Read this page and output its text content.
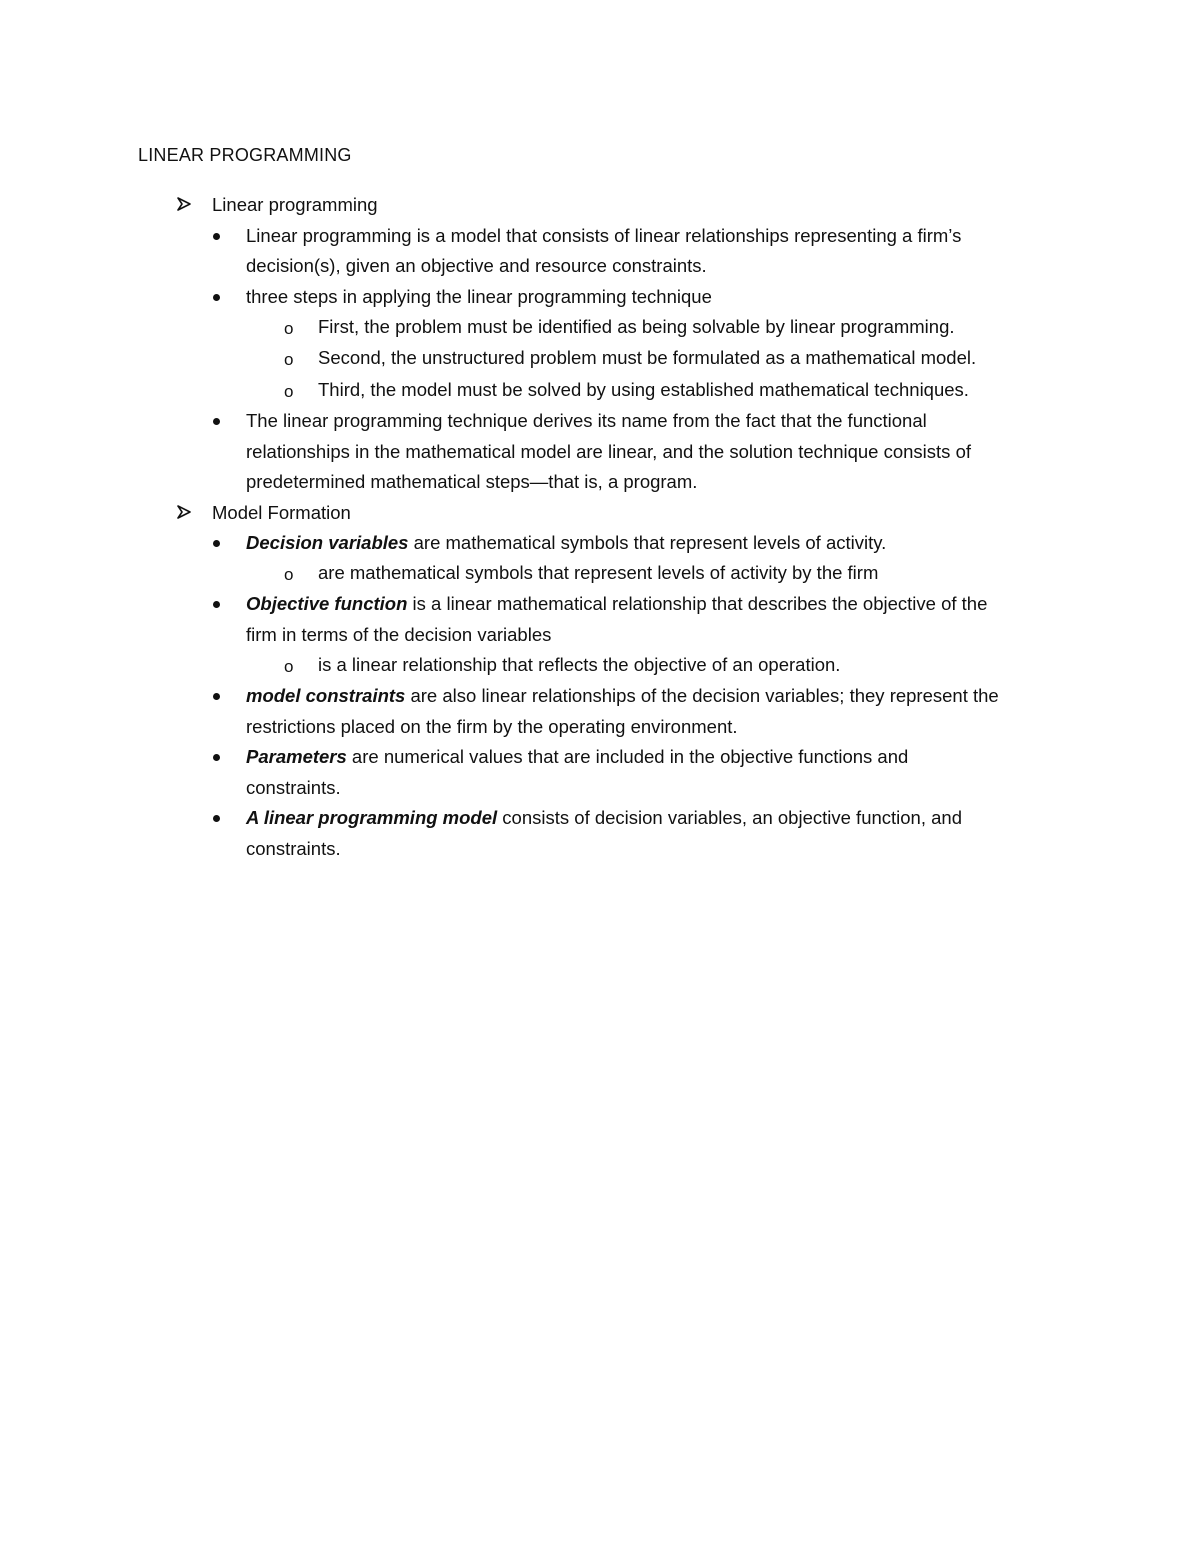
LINEAR PROGRAMMING
Linear programming
Linear programming is a model that consists of linear relationships representing a firm’s
decision(s), given an objective and resource constraints.
three steps in applying the linear programming technique
o First, the problem must be identified as being solvable by linear programming.
o Second, the unstructured problem must be formulated as a mathematical model.
o Third, the model must be solved by using established mathematical techniques.
The linear programming technique derives its name from the fact that the functional
relationships in the mathematical model are linear, and the solution technique consists of
predetermined mathematical steps—that is, a program.
Model Formation
Decision variables are mathematical symbols that represent levels of activity.
o are mathematical symbols that represent levels of activity by the firm
Objective function is a linear mathematical relationship that describes the objective of the
firm in terms of the decision variables
o is a linear relationship that reflects the objective of an operation.
model constraints are also linear relationships of the decision variables; they represent the
restrictions placed on the firm by the operating environment.
Parameters are numerical values that are included in the objective functions and
constraints.
A linear programming model consists of decision variables, an objective function, and
constraints.
